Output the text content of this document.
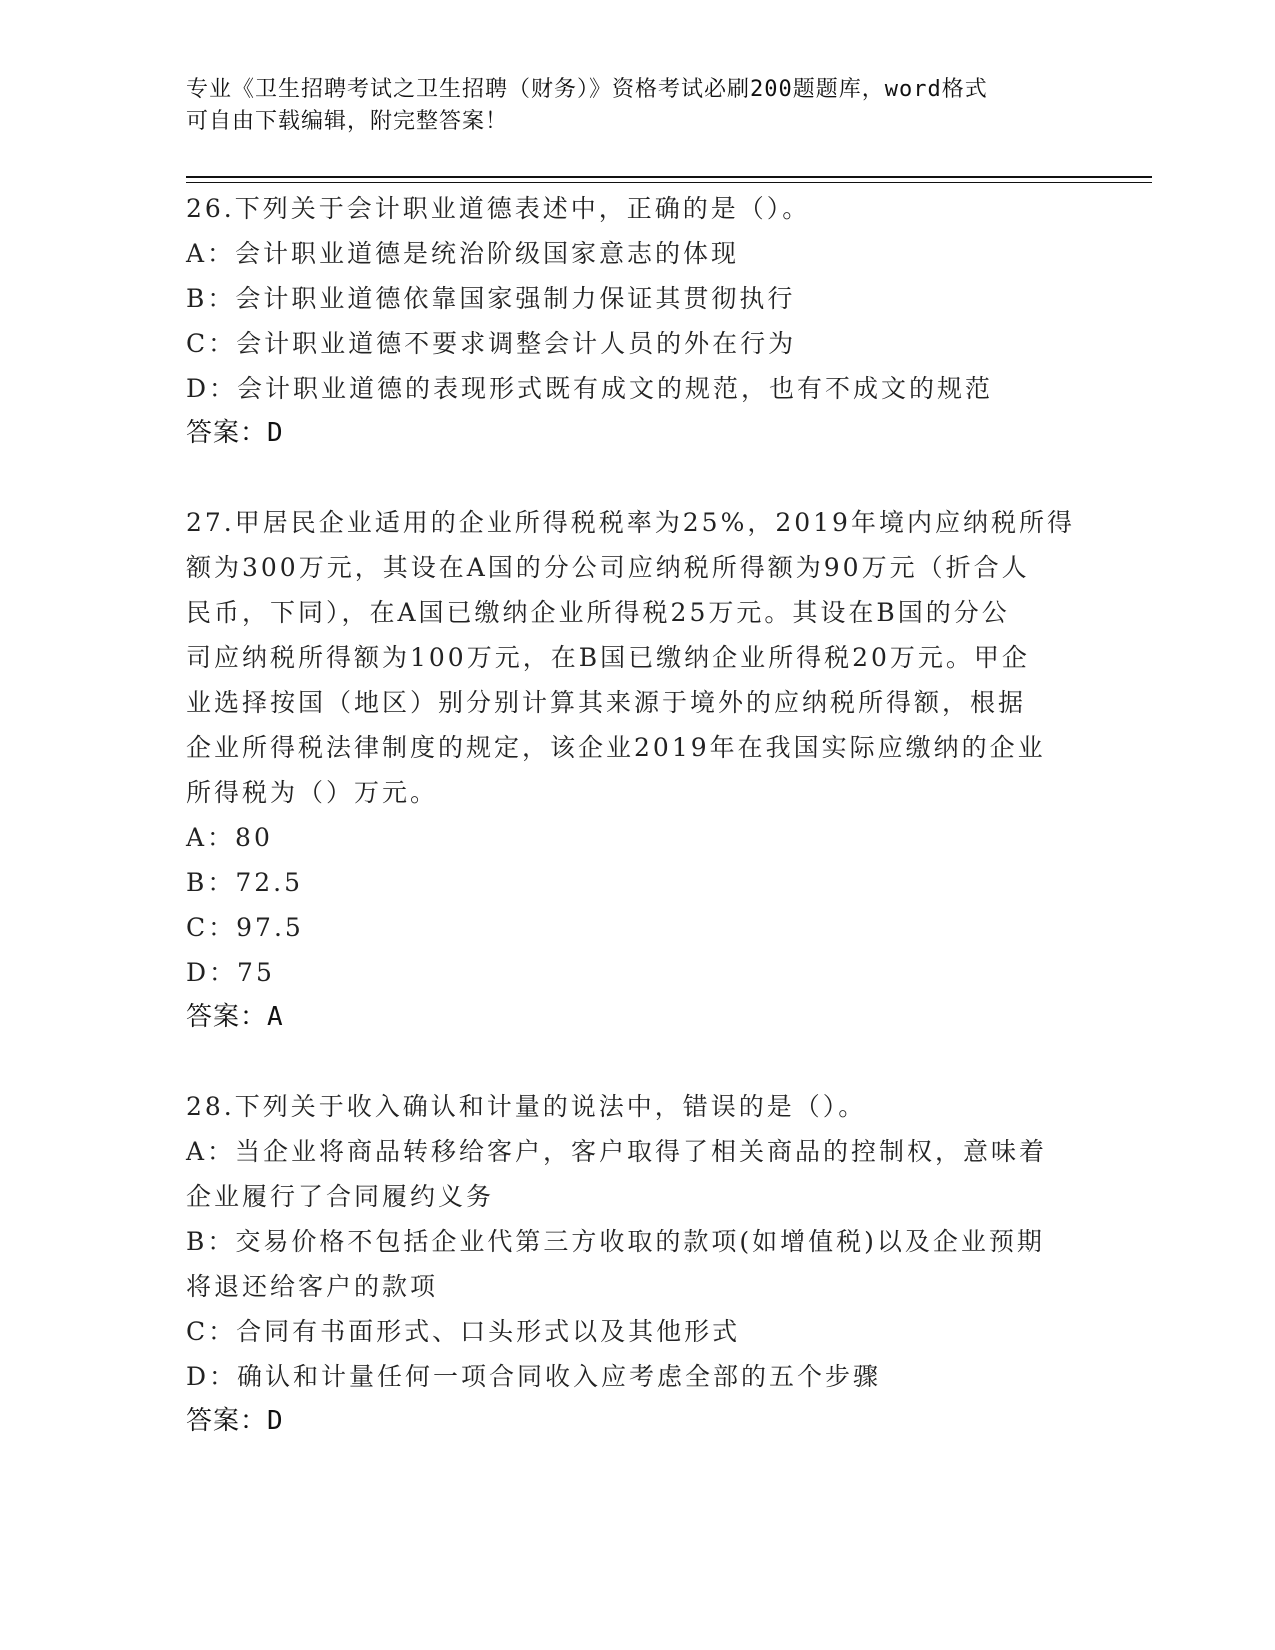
专业《卫生招聘考试之卫生招聘（财务）》资格考试必刷200题题库，word格式
可自由下载编辑，附完整答案！
26.下列关于会计职业道德表述中，正确的是（）。
A：会计职业道德是统治阶级国家意志的体现
B：会计职业道德依靠国家强制力保证其贯彻执行
C：会计职业道德不要求调整会计人员的外在行为
D：会计职业道德的表现形式既有成文的规范，也有不成文的规范
答案：D
27.甲居民企业适用的企业所得税税率为25%，2019年境内应纳税所得
额为300万元，其设在A国的分公司应纳税所得额为90万元（折合人
民币，下同），在A国已缴纳企业所得税25万元。其设在B国的分公
司应纳税所得额为100万元，在B国已缴纳企业所得税20万元。甲企
业选择按国（地区）别分别计算其来源于境外的应纳税所得额，根据
企业所得税法律制度的规定，该企业2019年在我国实际应缴纳的企业
所得税为（）万元。
A：80
B：72.5
C：97.5
D：75
答案：A
28.下列关于收入确认和计量的说法中，错误的是（）。
A：当企业将商品转移给客户，客户取得了相关商品的控制权，意味着
企业履行了合同履约义务
B：交易价格不包括企业代第三方收取的款项(如增值税)以及企业预期
将退还给客户的款项
C：合同有书面形式、口头形式以及其他形式
D：确认和计量任何一项合同收入应考虑全部的五个步骤
答案：D
